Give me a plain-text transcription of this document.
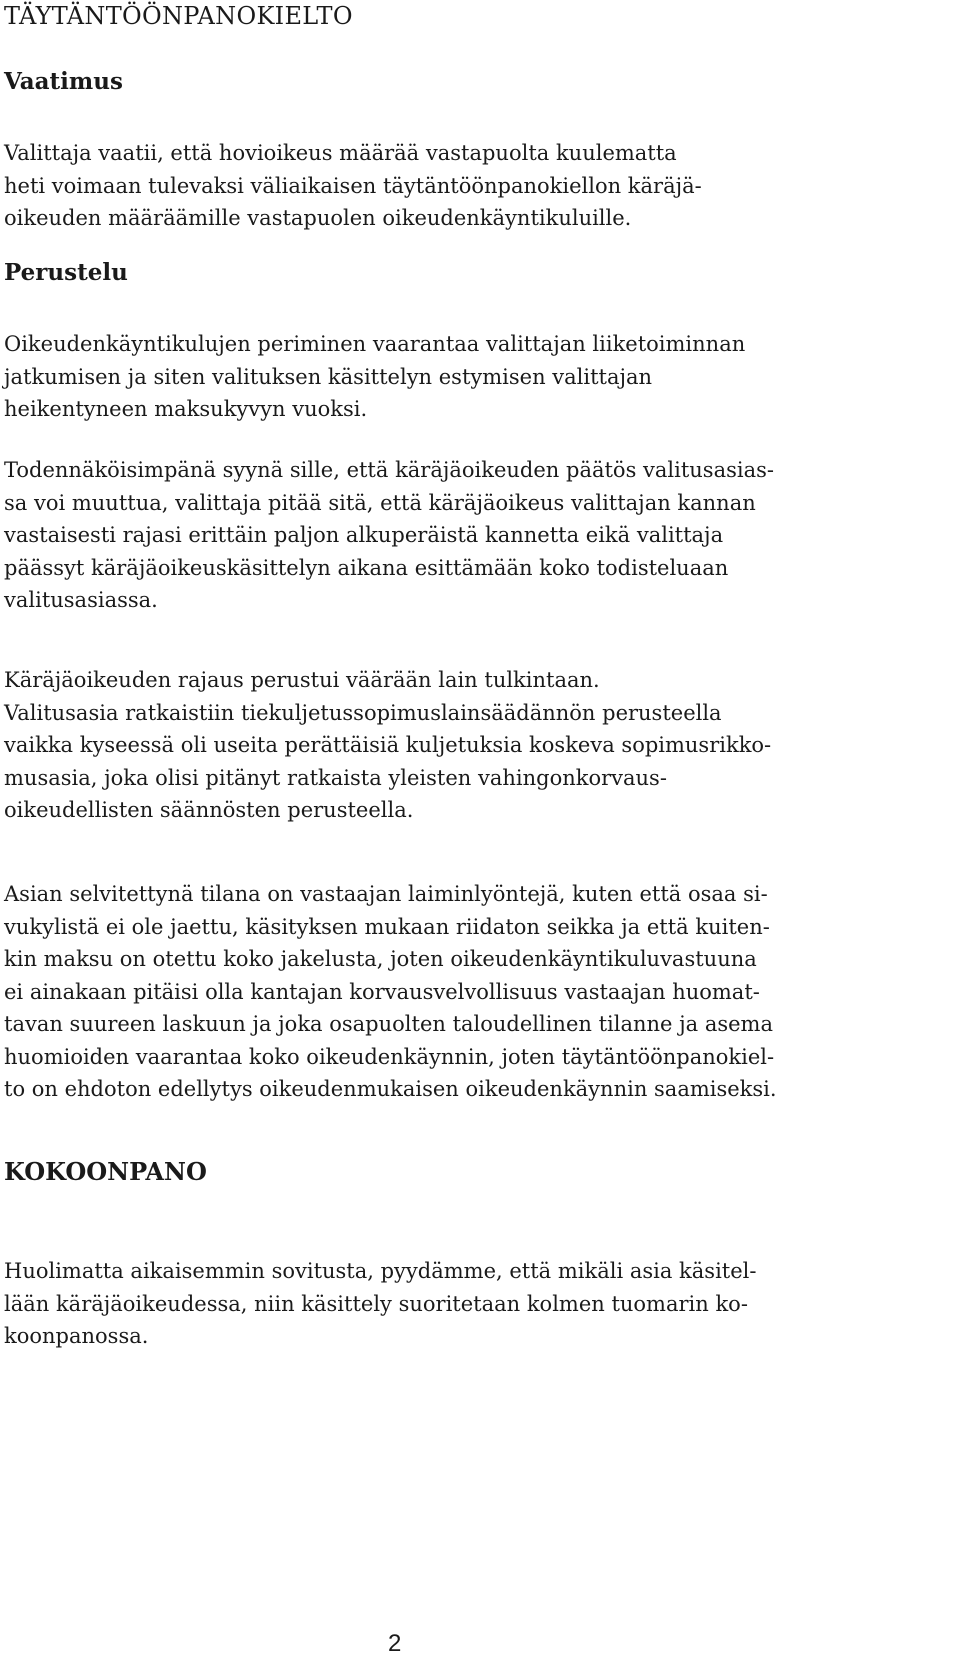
TÄYTÄNTÖÖNPANOKIELTO
Vaatimus

Valittaja vaatii, että hovioikeus määrää vastapuolta kuulematta
heti voimaan tulevaksi väliaikaisen täytäntöönpanokiellon käräjä-
oikeuden määräämille vastapuolen oikeudenkäyntikuluille.

Perustelu

Oikeudenkäyntikulujen periminen vaarantaa valittajan liiketoiminnan
jatkumisen ja siten valituksen käsittelyn estymisen valittajan
heikentyneen maksukyvyn vuoksi.

Todennäköisimpänä syynä sille, että käräjäoikeuden päätös valitusasias-
sa voi muuttua, valittaja pitää sitä, että käräjäoikeus valittajan kannan
vastaisesti rajasi erittäin paljon alkuperäistä kannetta eikä valittaja
päässyt käräjäoikeuskäsittelyn aikana esittämään koko todisteluaan
valitusasiassa.

Käräjäoikeuden rajaus perustui väärään lain tulkintaan.
Valitusasia ratkaistiin tiekuljetussopimuslainsäädännön perusteella
vaikka kyseessä oli useita perättäisiä kuljetuksia koskeva sopimusrikko-
musasia, joka olisi pitänyt ratkaista yleisten vahingonkorvaus-
oikeudellisten säännösten perusteella.

Asian selvitettynä tilana on vastaajan laiminlyöntejä, kuten että osaa si-
vukylistä ei ole jaettu, käsityksen mukaan riidaton seikka ja että kuiten-
kin maksu on otettu koko jakelusta, joten oikeudenkäyntikuluvastuuna
ei ainakaan pitäisi olla kantajan korvausvelvollisuus vastaajan huomat-
tavan suureen laskuun ja joka osapuolten taloudellinen tilanne ja asema
huomioiden vaarantaa koko oikeudenkäynnin, joten täytäntöönpanokiel-
to on ehdoton edellytys oikeudenmukaisen oikeudenkäynnin saamiseksi.

KOKOONPANO

Huolimatta aikaisemmin sovitusta, pyydämme, että mikäli asia käsitel-
lään käräjäoikeudessa, niin käsittely suoritetaan kolmen tuomarin ko-
koonpanossa.

2
